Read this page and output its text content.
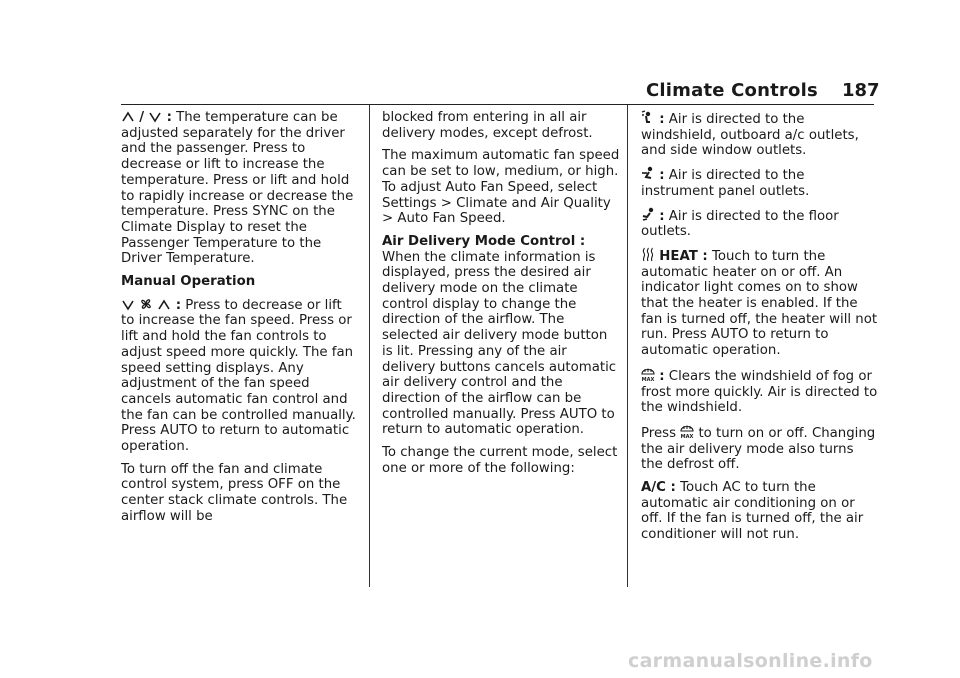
Climate Controls 187

/ : The temperature can be adjusted separately for the driver and the passenger. Press to decrease or lift to increase the temperature. Press or lift and hold to rapidly increase or decrease the temperature. Press SYNC on the Climate Display to reset the Passenger Temperature to the Driver Temperature.

Manual Operation

: Press to decrease or lift to increase the fan speed. Press or lift and hold the fan controls to adjust speed more quickly. The fan speed setting displays. Any adjustment of the fan speed cancels automatic fan control and the fan can be controlled manually. Press AUTO to return to automatic operation.

To turn off the fan and climate control system, press OFF on the center stack climate controls. The airflow will be

blocked from entering in all air delivery modes, except defrost.

The maximum automatic fan speed can be set to low, medium, or high. To adjust Auto Fan Speed, select Settings > Climate and Air Quality > Auto Fan Speed.

Air Delivery Mode Control : When the climate information is displayed, press the desired air delivery mode on the climate control display to change the direction of the airflow. The selected air delivery mode button is lit. Pressing any of the air delivery buttons cancels automatic air delivery control and the direction of the airflow can be controlled manually. Press AUTO to return to automatic operation.

To change the current mode, select one or more of the following:

: Air is directed to the windshield, outboard a/c outlets, and side window outlets.

: Air is directed to the instrument panel outlets.

: Air is directed to the floor outlets.

HEAT : Touch to turn the automatic heater on or off. An indicator light comes on to show that the heater is enabled. If the fan is turned off, the heater will not run. Press AUTO to return to automatic operation.

MAX : Clears the windshield of fog or frost more quickly. Air is directed to the windshield.

Press MAX to turn on or off. Changing the air delivery mode also turns the defrost off.

A/C : Touch AC to turn the automatic air conditioning on or off. If the fan is turned off, the air conditioner will not run.

carmanualsonline.info
